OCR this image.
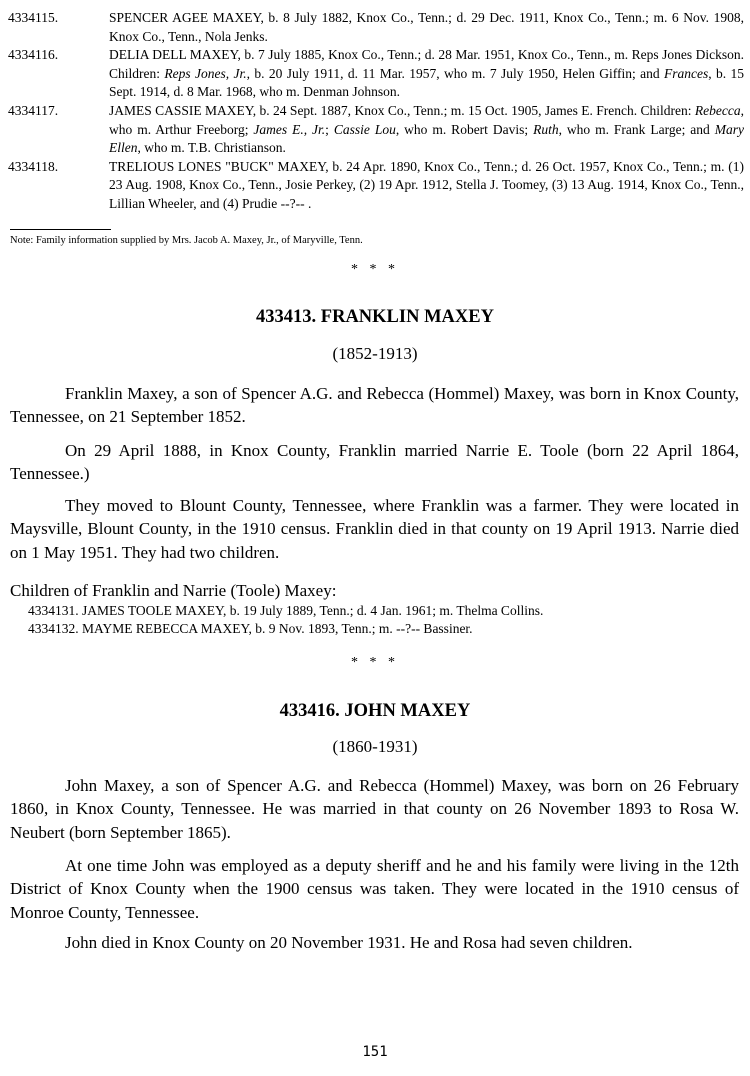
4334115.	SPENCER AGEE MAXEY, b. 8 July 1882, Knox Co., Tenn.; d. 29 Dec. 1911, Knox Co., Tenn.; m. 6 Nov. 1908, Knox Co., Tenn., Nola Jenks.
4334116.	DELIA DELL MAXEY, b. 7 July 1885, Knox Co., Tenn.; d. 28 Mar. 1951, Knox Co., Tenn., m. Reps Jones Dickson. Children: Reps Jones, Jr., b. 20 July 1911, d. 11 Mar. 1957, who m. 7 July 1950, Helen Giffin; and Frances, b. 15 Sept. 1914, d. 8 Mar. 1968, who m. Denman Johnson.
4334117.	JAMES CASSIE MAXEY, b. 24 Sept. 1887, Knox Co., Tenn.; m. 15 Oct. 1905, James E. French. Children: Rebecca, who m. Arthur Freeborg; James E., Jr.; Cassie Lou, who m. Robert Davis; Ruth, who m. Frank Large; and Mary Ellen, who m. T.B. Christianson.
4334118.	TRELIOUS LONES "BUCK" MAXEY, b. 24 Apr. 1890, Knox Co., Tenn.; d. 26 Oct. 1957, Knox Co., Tenn.; m. (1) 23 Aug. 1908, Knox Co., Tenn., Josie Perkey, (2) 19 Apr. 1912, Stella J. Toomey, (3) 13 Aug. 1914, Knox Co., Tenn., Lillian Wheeler, and (4) Prudie --?-- .
Note: Family information supplied by Mrs. Jacob A. Maxey, Jr., of Maryville, Tenn.
* * *
433413. FRANKLIN MAXEY
(1852-1913)

Franklin Maxey, a son of Spencer A.G. and Rebecca (Hommel) Maxey, was born in Knox County, Tennessee, on 21 September 1852.

On 29 April 1888, in Knox County, Franklin married Narrie E. Toole (born 22 April 1864, Tennessee.)

They moved to Blount County, Tennessee, where Franklin was a farmer. They were located in Maysville, Blount County, in the 1910 census. Franklin died in that county on 19 April 1913. Narrie died on 1 May 1951. They had two children.

Children of Franklin and Narrie (Toole) Maxey:
4334131. JAMES TOOLE MAXEY, b. 19 July 1889, Tenn.; d. 4 Jan. 1961; m. Thelma Collins.
4334132. MAYME REBECCA MAXEY, b. 9 Nov. 1893, Tenn.; m. --?-- Bassiner.
* * *
433416. JOHN MAXEY
(1860-1931)

John Maxey, a son of Spencer A.G. and Rebecca (Hommel) Maxey, was born on 26 February 1860, in Knox County, Tennessee. He was married in that county on 26 November 1893 to Rosa W. Neubert (born September 1865).

At one time John was employed as a deputy sheriff and he and his family were living in the 12th District of Knox County when the 1900 census was taken. They were located in the 1910 census of Monroe County, Tennessee.

John died in Knox County on 20 November 1931. He and Rosa had seven children.

151
